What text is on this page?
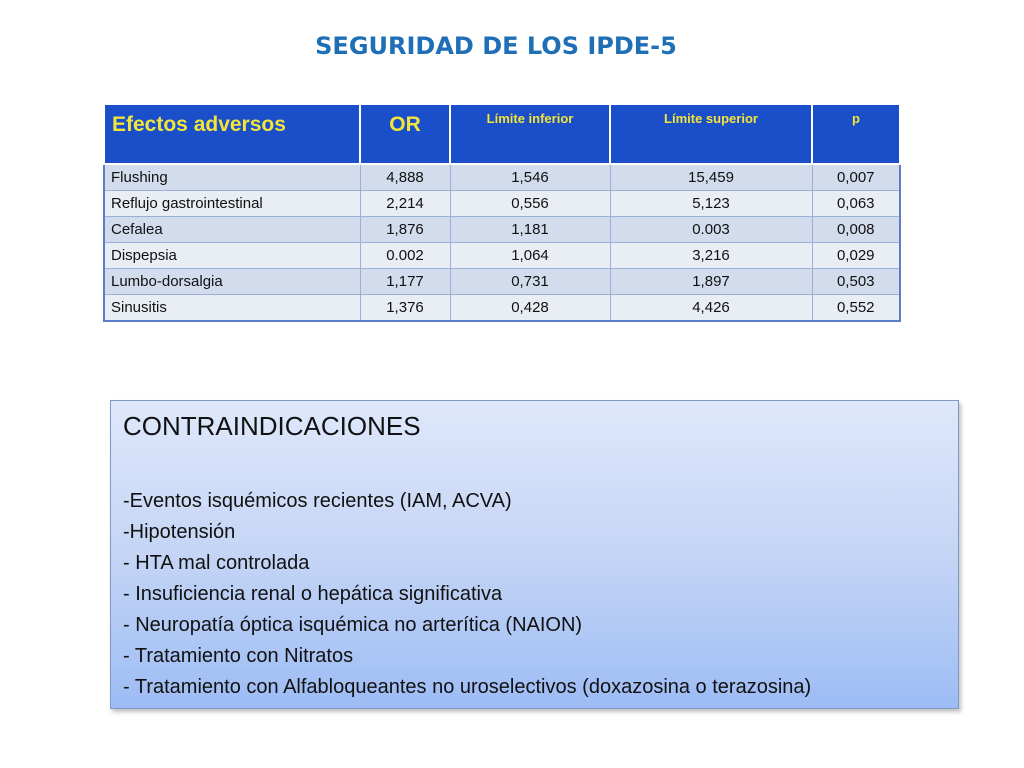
SEGURIDAD DE LOS IPDE-5
Efectos adversos	OR	Límite inferior	Límite superior	p
Flushing	4,888	1,546	15,459	0,007
Reflujo gastrointestinal	2,214	0,556	5,123	0,063
Cefalea	1,876	1,181	0.003	0,008
Dispepsia	0.002	1,064	3,216	0,029
Lumbo-dorsalgia	1,177	0,731	1,897	0,503
Sinusitis	1,376	0,428	4,426	0,552
CONTRAINDICACIONES
-Eventos isquémicos recientes (IAM, ACVA)
-Hipotensión
- HTA mal controlada
- Insuficiencia renal o hepática significativa
- Neuropatía óptica isquémica no arterítica (NAION)
- Tratamiento con Nitratos
- Tratamiento con Alfabloqueantes no uroselectivos (doxazosina o terazosina)
